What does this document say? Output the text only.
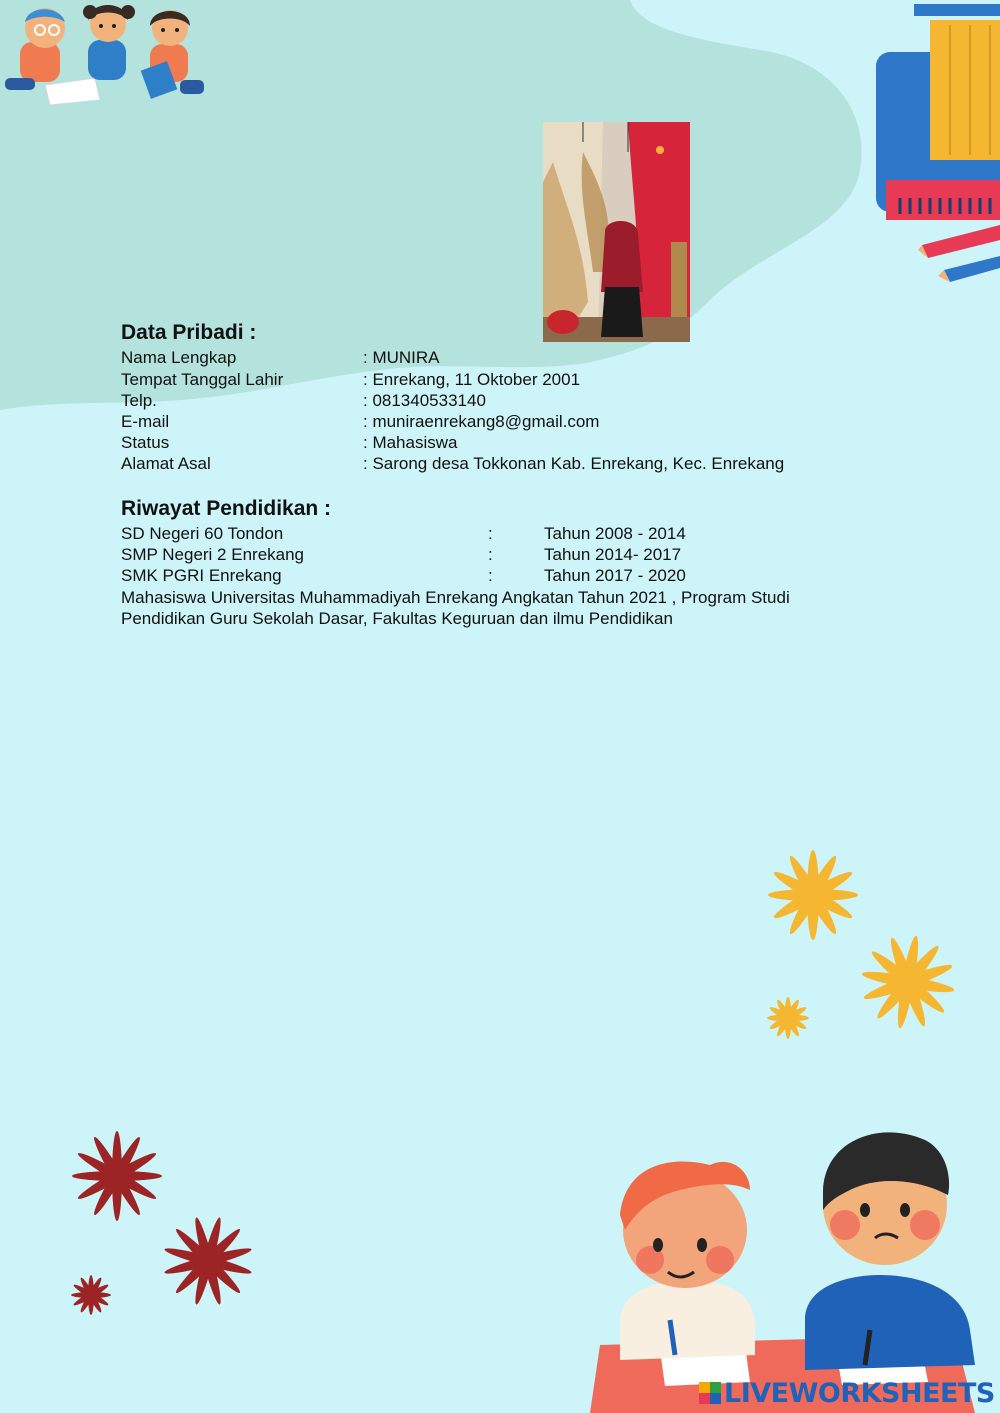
Data Pribadi :
Nama Lengkap	: MUNIRA
Tempat Tanggal Lahir	: Enrekang, 11 Oktober 2001
Telp.	: 081340533140
E-mail	: muniraenrekang8@gmail.com
Status	: Mahasiswa
Alamat Asal	: Sarong desa Tokkonan Kab. Enrekang, Kec. Enrekang
Riwayat Pendidikan :
SD Negeri 60 Tondon	:	Tahun 2008 - 2014
SMP Negeri 2 Enrekang	:	Tahun 2014- 2017
SMK PGRI Enrekang	:	Tahun 2017 - 2020
Mahasiswa Universitas Muhammadiyah Enrekang Angkatan Tahun 2021 , Program Studi
Pendidikan Guru Sekolah Dasar, Fakultas Keguruan dan ilmu Pendidikan
LIVEWORKSHEETS
